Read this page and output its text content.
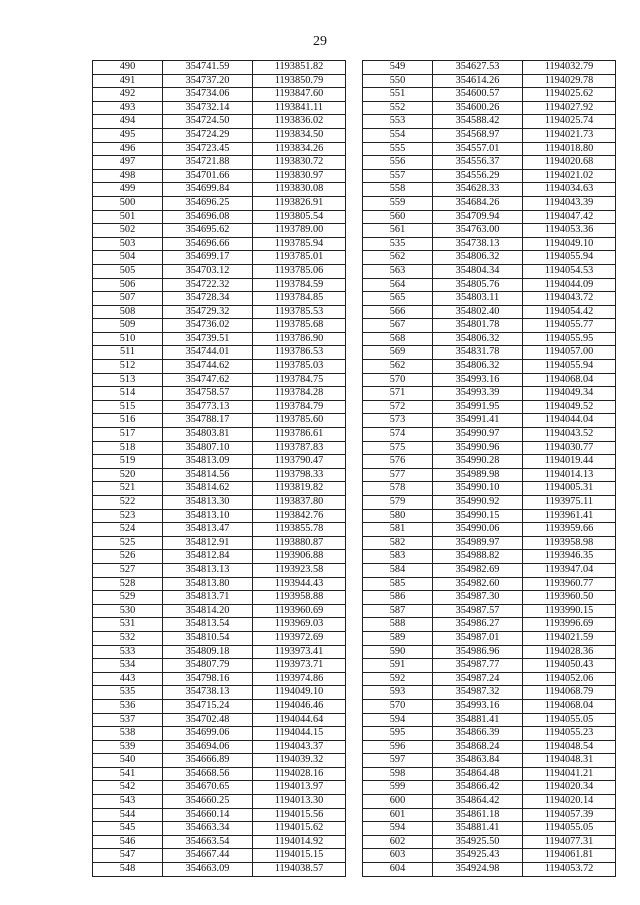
29
490	354741.59	1193851.82
491	354737.20	1193850.79
492	354734.06	1193847.60
493	354732.14	1193841.11
494	354724.50	1193836.02
495	354724.29	1193834.50
496	354723.45	1193834.26
497	354721.88	1193830.72
498	354701.66	1193830.97
499	354699.84	1193830.08
500	354696.25	1193826.91
501	354696.08	1193805.54
502	354695.62	1193789.00
503	354696.66	1193785.94
504	354699.17	1193785.01
505	354703.12	1193785.06
506	354722.32	1193784.59
507	354728.34	1193784.85
508	354729.32	1193785.53
509	354736.02	1193785.68
510	354739.51	1193786.90
511	354744.01	1193786.53
512	354744.62	1193785.03
513	354747.62	1193784.75
514	354758.57	1193784.28
515	354773.13	1193784.79
516	354788.17	1193785.60
517	354803.81	1193786.61
518	354807.10	1193787.83
519	354813.09	1193790.47
520	354814.56	1193798.33
521	354814.62	1193819.82
522	354813.30	1193837.80
523	354813.10	1193842.76
524	354813.47	1193855.78
525	354812.91	1193880.87
526	354812.84	1193906.88
527	354813.13	1193923.58
528	354813.80	1193944.43
529	354813.71	1193958.88
530	354814.20	1193960.69
531	354813.54	1193969.03
532	354810.54	1193972.69
533	354809.18	1193973.41
534	354807.79	1193973.71
443	354798.16	1193974.86
535	354738.13	1194049.10
536	354715.24	1194046.46
537	354702.48	1194044.64
538	354699.06	1194044.15
539	354694.06	1194043.37
540	354666.89	1194039.32
541	354668.56	1194028.16
542	354670.65	1194013.97
543	354660.25	1194013.30
544	354660.14	1194015.56
545	354663.34	1194015.62
546	354663.54	1194014.92
547	354667.44	1194015.15
548	354663.09	1194038.57
549	354627.53	1194032.79
550	354614.26	1194029.78
551	354600.57	1194025.62
552	354600.26	1194027.92
553	354588.42	1194025.74
554	354568.97	1194021.73
555	354557.01	1194018.80
556	354556.37	1194020.68
557	354556.29	1194021.02
558	354628.33	1194034.63
559	354684.26	1194043.39
560	354709.94	1194047.42
561	354763.00	1194053.36
535	354738.13	1194049.10
562	354806.32	1194055.94
563	354804.34	1194054.53
564	354805.76	1194044.09
565	354803.11	1194043.72
566	354802.40	1194054.42
567	354801.78	1194055.77
568	354806.32	1194055.95
569	354831.78	1194057.00
562	354806.32	1194055.94
570	354993.16	1194068.04
571	354993.39	1194049.34
572	354991.95	1194049.52
573	354991.41	1194044.04
574	354990.97	1194043.52
575	354990.96	1194030.77
576	354990.28	1194019.44
577	354989.98	1194014.13
578	354990.10	1194005.31
579	354990.92	1193975.11
580	354990.15	1193961.41
581	354990.06	1193959.66
582	354989.97	1193958.98
583	354988.82	1193946.35
584	354982.69	1193947.04
585	354982.60	1193960.77
586	354987.30	1193960.50
587	354987.57	1193990.15
588	354986.27	1193996.69
589	354987.01	1194021.59
590	354986.96	1194028.36
591	354987.77	1194050.43
592	354987.24	1194052.06
593	354987.32	1194068.79
570	354993.16	1194068.04
594	354881.41	1194055.05
595	354866.39	1194055.23
596	354868.24	1194048.54
597	354863.84	1194048.31
598	354864.48	1194041.21
599	354866.42	1194020.34
600	354864.42	1194020.14
601	354861.18	1194057.39
594	354881.41	1194055.05
602	354925.50	1194077.31
603	354925.43	1194061.81
604	354924.98	1194053.72
